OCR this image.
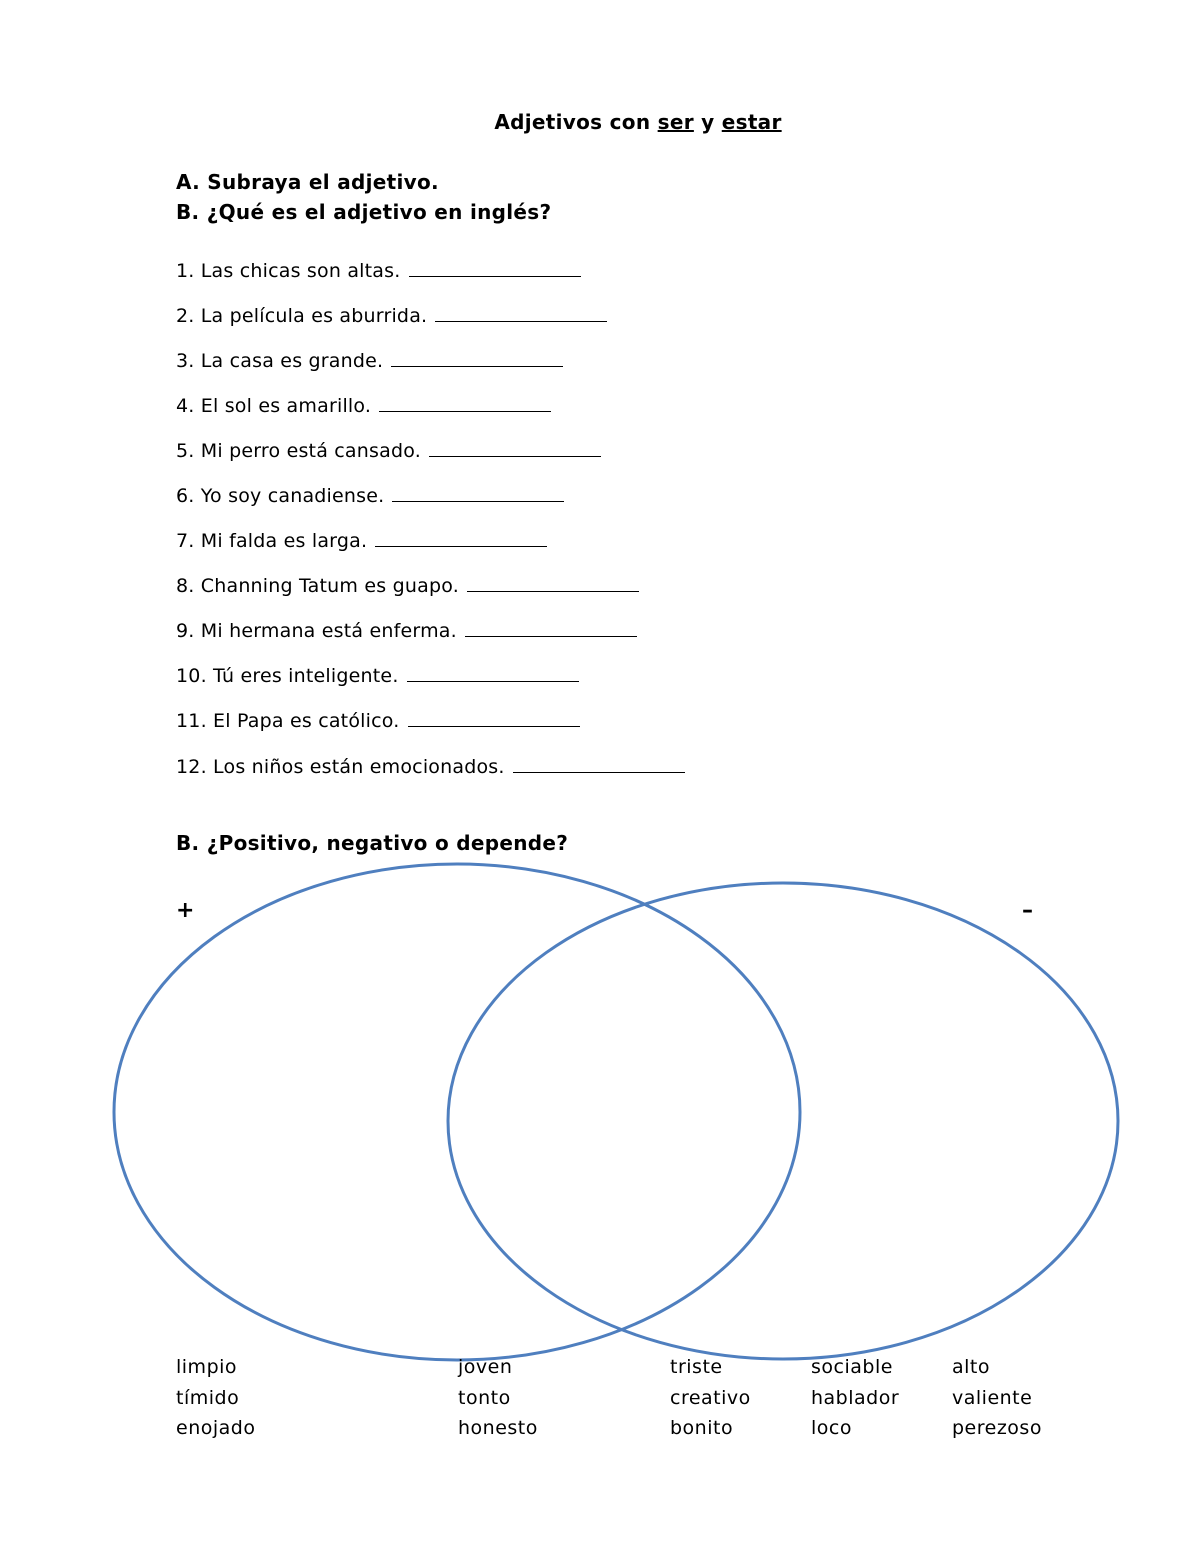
Adjetivos con ser y estar
A. Subraya el adjetivo.
B. ¿Qué es el adjetivo en inglés?
1. Las chicas son altas.
2. La película es aburrida.
3. La casa es grande.
4. El sol es amarillo.
5. Mi perro está cansado.
6. Yo soy canadiense.
7. Mi falda es larga.
8. Channing Tatum es guapo.
9. Mi hermana está enferma.
10. Tú eres inteligente.
11. El Papa es católico.
12. Los niños están emocionados.
B. ¿Positivo, negativo o depende?
+	–
limpio
tímido
enojado
joven
tonto
honesto
triste
creativo
bonito
sociable
hablador
loco
alto
valiente
perezoso
